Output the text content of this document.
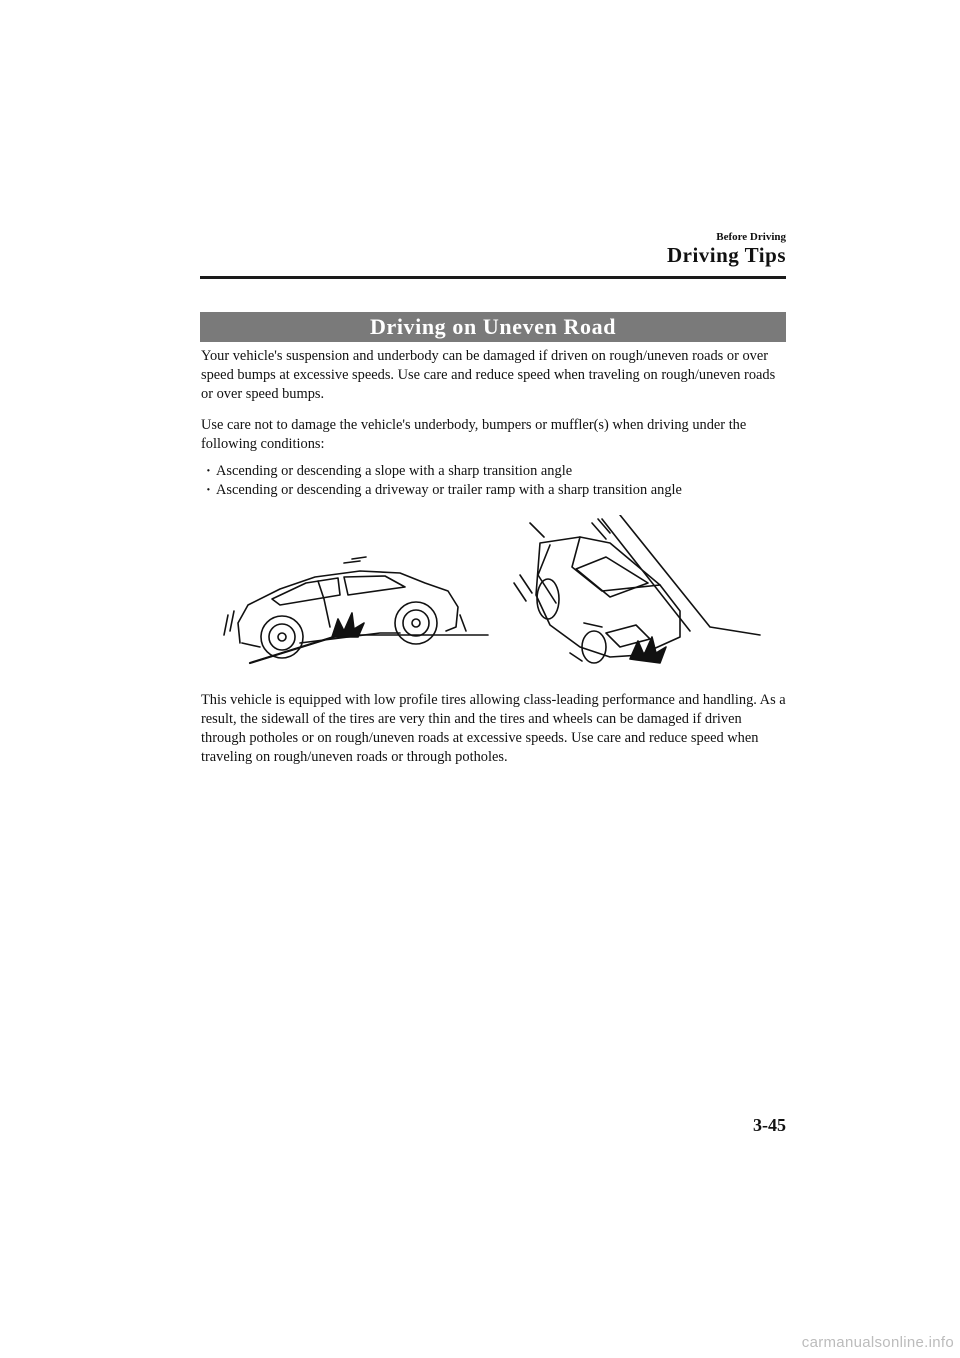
Before Driving
Driving Tips
Driving on Uneven Road

Your vehicle's suspension and underbody can be damaged if driven on rough/uneven roads or over speed bumps at excessive speeds. Use care and reduce speed when traveling on rough/uneven roads or over speed bumps.

Use care not to damage the vehicle's underbody, bumpers or muffler(s) when driving under the following conditions:

· Ascending or descending a slope with a sharp transition angle
· Ascending or descending a driveway or trailer ramp with a sharp transition angle

This vehicle is equipped with low profile tires allowing class-leading performance and handling. As a result, the sidewall of the tires are very thin and the tires and wheels can be damaged if driven through potholes or on rough/uneven roads at excessive speeds. Use care and reduce speed when traveling on rough/uneven roads or through potholes.

3-45
carmanualsonline.info
